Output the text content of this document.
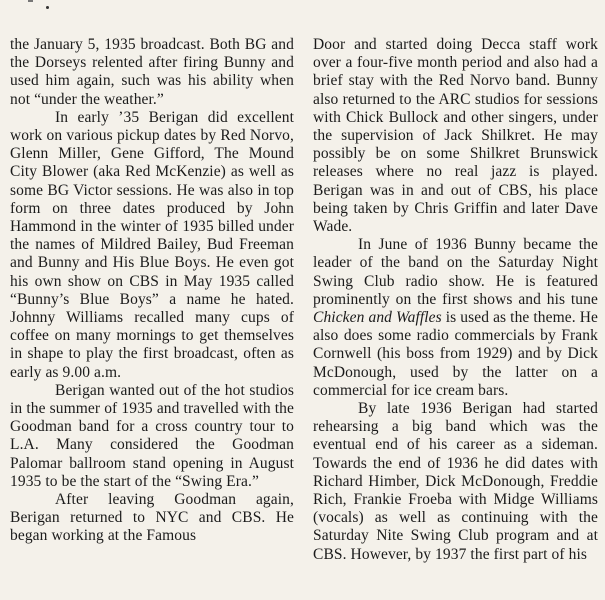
the January 5, 1935 broadcast. Both BG and the Dorseys relented after firing Bunny and used him again, such was his ability when not “under the weather.”

In early ’35 Berigan did excellent work on various pickup dates by Red Norvo, Glenn Miller, Gene Gifford, The Mound City Blower (aka Red McKenzie) as well as some BG Victor sessions. He was also in top form on three dates produced by John Hammond in the winter of 1935 billed under the names of Mildred Bailey, Bud Freeman and Bunny and His Blue Boys. He even got his own show on CBS in May 1935 called “Bunny’s Blue Boys” a name he hated. Johnny Williams recalled many cups of coffee on many mornings to get themselves in shape to play the first broadcast, often as early as 9.00 a.m.

Berigan wanted out of the hot studios in the summer of 1935 and travelled with the Goodman band for a cross country tour to L.A. Many considered the Goodman Palomar ballroom stand opening in August 1935 to be the start of the “Swing Era.”

After leaving Goodman again, Berigan returned to NYC and CBS. He began working at the Famous

Door and started doing Decca staff work over a four-five month period and also had a brief stay with the Red Norvo band. Bunny also returned to the ARC studios for sessions with Chick Bullock and other singers, under the supervision of Jack Shilkret. He may possibly be on some Shilkret Brunswick releases where no real jazz is played. Berigan was in and out of CBS, his place being taken by Chris Griffin and later Dave Wade.

In June of 1936 Bunny became the leader of the band on the Saturday Night Swing Club radio show. He is featured prominently on the first shows and his tune Chicken and Waffles is used as the theme. He also does some radio commercials by Frank Cornwell (his boss from 1929) and by Dick McDonough, used by the latter on a commercial for ice cream bars.

By late 1936 Berigan had started rehearsing a big band which was the eventual end of his career as a sideman. Towards the end of 1936 he did dates with Richard Himber, Dick McDonough, Freddie Rich, Frankie Froeba with Midge Williams (vocals) as well as continuing with the Saturday Nite Swing Club program and at CBS. However, by 1937 the first part of his
